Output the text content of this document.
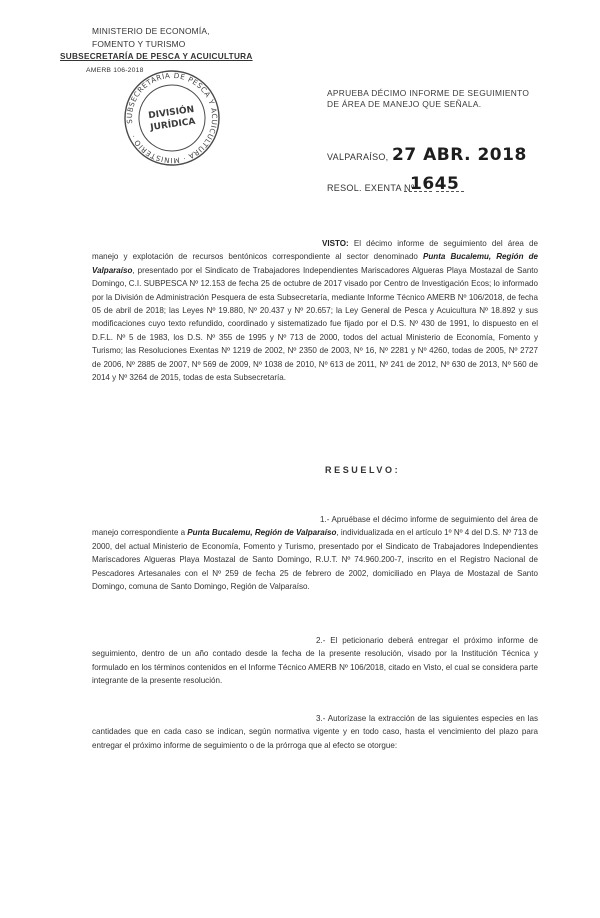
MINISTERIO DE ECONOMÍA,
FOMENTO Y TURISMO
SUBSECRETARÍA DE PESCA Y ACUICULTURA
AMERB 106-2018
SUBSECRETARÍA DE PESCA Y ACUICULTURA · MINISTERIO ·
DIVISIÓN
JURÍDICA
APRUEBA DÉCIMO INFORME DE SEGUIMIENTO
DE ÁREA DE MANEJO QUE SEÑALA.
VALPARAÍSO, 27 ABR. 2018
RESOL. EXENTA Nº
1645

VISTO: El décimo informe de seguimiento del área de manejo y explotación de recursos bentónicos correspondiente al sector denominado Punta Bucalemu, Región de Valparaíso, presentado por el Sindicato de Trabajadores Independientes Mariscadores Algueras Playa Mostazal de Santo Domingo, C.I. SUBPESCA Nº 12.153 de fecha 25 de octubre de 2017 visado por Centro de Investigación Ecos; lo informado por la División de Administración Pesquera de esta Subsecretaría, mediante Informe Técnico AMERB Nº 106/2018, de fecha 05 de abril de 2018; las Leyes Nº 19.880, Nº 20.437 y Nº 20.657; la Ley General de Pesca y Acuicultura Nº 18.892 y sus modificaciones cuyo texto refundido, coordinado y sistematizado fue fijado por el D.S. Nº 430 de 1991, lo dispuesto en el D.F.L. Nº 5 de 1983, los D.S. Nº 355 de 1995 y Nº 713 de 2000, todos del actual Ministerio de Economía, Fomento y Turismo; las Resoluciones Exentas Nº 1219 de 2002, Nº 2350 de 2003, Nº 16, Nº 2281 y Nº 4260, todas de 2005, Nº 2727 de 2006, Nº 2885 de 2007, Nº 569 de 2009, Nº 1038 de 2010, Nº 613 de 2011, Nº 241 de 2012, Nº 630 de 2013, Nº 560 de 2014 y Nº 3264 de 2015, todas de esta Subsecretaría.

RESUELVO:

1.- Apruébase el décimo informe de seguimiento del área de manejo correspondiente a Punta Bucalemu, Región de Valparaíso, individualizada en el artículo 1º Nº 4 del D.S. Nº 713 de 2000, del actual Ministerio de Economía, Fomento y Turismo, presentado por el Sindicato de Trabajadores Independientes Mariscadores Algueras Playa Mostazal de Santo Domingo, R.U.T. Nº 74.960.200-7, inscrito en el Registro Nacional de Pescadores Artesanales con el Nº 259 de fecha 25 de febrero de 2002, domiciliado en Playa de Mostazal de Santo Domingo, comuna de Santo Domingo, Región de Valparaíso.

2.- El peticionario deberá entregar el próximo informe de seguimiento, dentro de un año contado desde la fecha de la presente resolución, visado por la Institución Técnica y formulado en los términos contenidos en el Informe Técnico AMERB Nº 106/2018, citado en Visto, el cual se considera parte integrante de la presente resolución.

3.- Autorízase la extracción de las siguientes especies en las cantidades que en cada caso se indican, según normativa vigente y en todo caso, hasta el vencimiento del plazo para entregar el próximo informe de seguimiento o de la prórroga que al efecto se otorgue:
